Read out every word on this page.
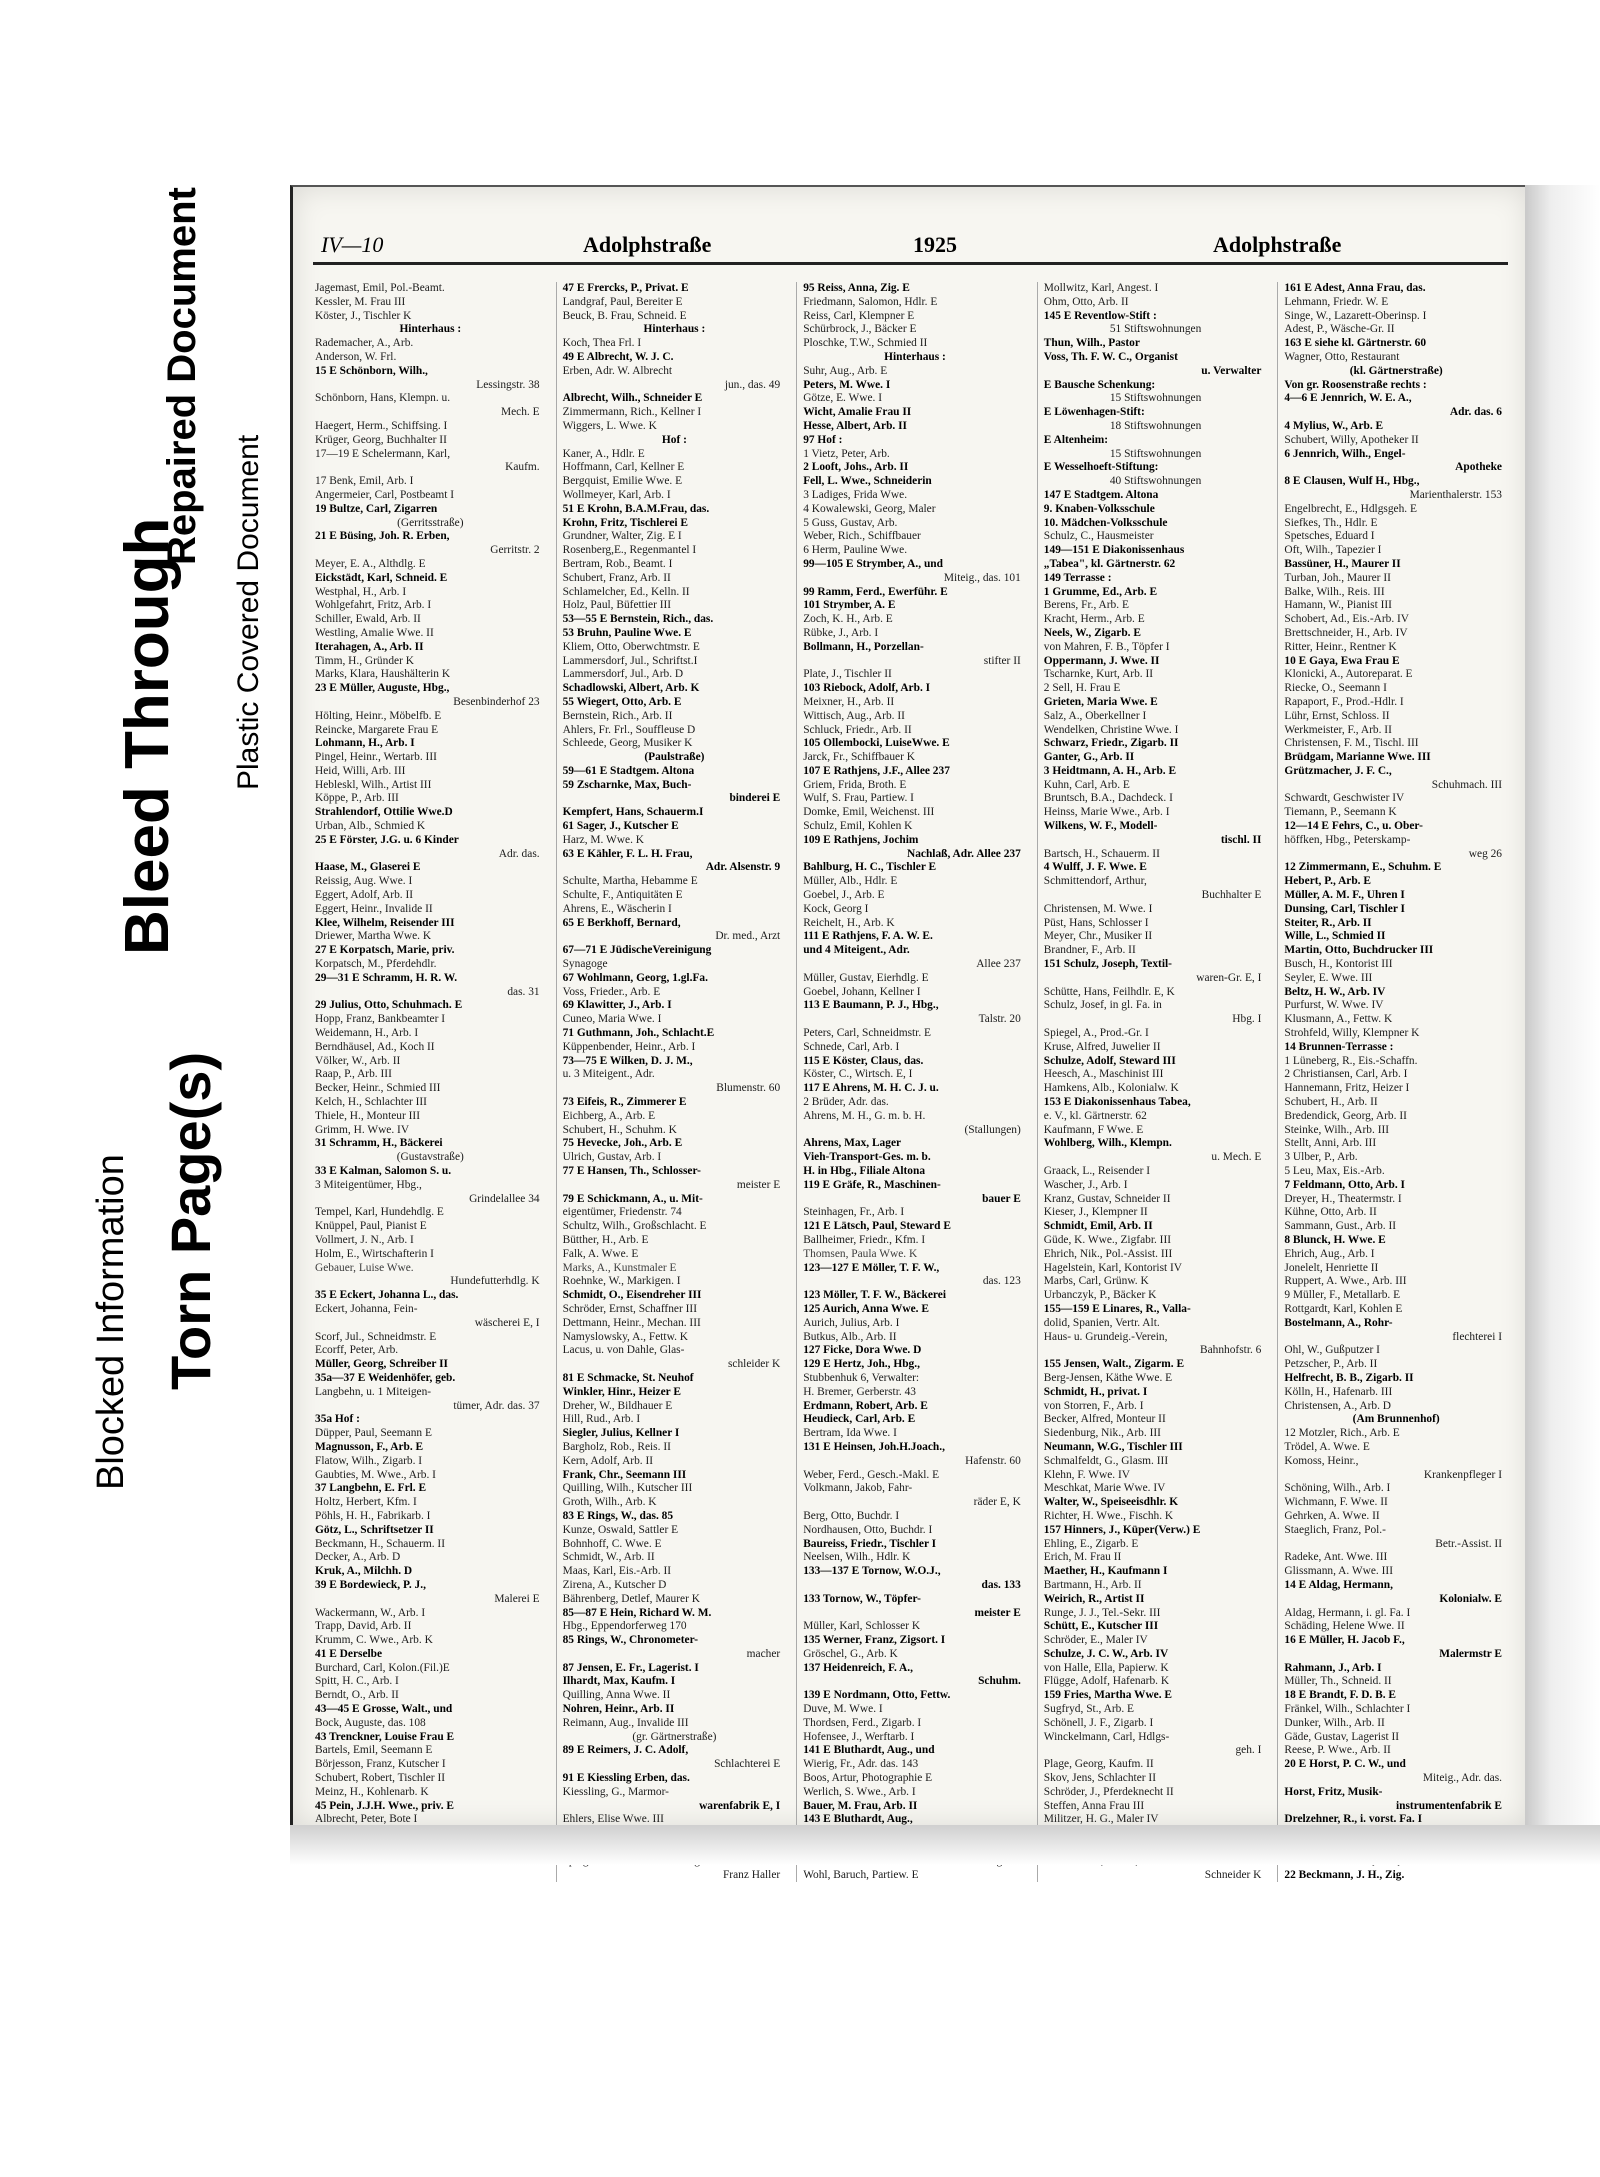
Blocked Information Torn Page(s)
Bleed Through
Repaired Document
Plastic Covered Document
IV—10	Adolphstraße	1925	Adolphstraße
Jagemast, Emil, Pol.-Beamt.
Kessler, M. Frau III
Köster, J., Tischler K
Hinterhaus :
Rademacher, A., Arb.
Anderson, W. Frl.
15 E Schönborn, Wilh.,
Lessingstr. 38
Schönborn, Hans, Klempn. u.
Mech. E
Haegert, Herm., Schiffsing. I
Krüger, Georg, Buchhalter II
17—19 E Schelermann, Karl,
Kaufm.
17 Benk, Emil, Arb. I
Angermeier, Carl, Postbeamt I
19 Bultze, Carl, Zigarren
(Gerritsstraße)
21 E Büsing, Joh. R. Erben,
Gerritstr. 2
Meyer, E. A., Althdlg. E
Eickstädt, Karl, Schneid. E
Westphal, H., Arb. I
Wohlgefahrt, Fritz, Arb. I
Schiller, Ewald, Arb. II
Westling, Amalie Wwe. II
Iterahagen, A., Arb. II
Timm, H., Gründer K
Marks, Klara, Haushälterin K
23 E Müller, Auguste, Hbg.,
Besenbinderhof 23
Hölting, Heinr., Möbelfb. E
Reincke, Margarete Frau E
Lohmann, H., Arb. I
Pingel, Heinr., Wertarb. III
Heid, Willi, Arb. III
Hebleskl, Wilh., Artist III
Köppe, P., Arb. III
Strahlendorf, Ottilie Wwe.D
Urban, Alb., Schmied K
25 E Förster, J.G. u. 6 Kinder
Adr. das.
Haase, M., Glaserei E
Reissig, Aug. Wwe. I
Eggert, Adolf, Arb. II
Eggert, Heinr., Invalide II
Klee, Wilhelm, Reisender III
Driewer, Martha Wwe. K
27 E Korpatsch, Marie, priv.
Korpatsch, M., Pferdehdlr.
29—31 E Schramm, H. R. W.
das. 31
29 Julius, Otto, Schuhmach. E
Hopp, Franz, Bankbeamter I
Weidemann, H., Arb. I
Berndhäusel, Ad., Koch II
Völker, W., Arb. II
Raap, P., Arb. III
Becker, Heinr., Schmied III
Kelch, H., Schlachter III
Thiele, H., Monteur III
Grimm, H. Wwe. IV
31 Schramm, H., Bäckerei
(Gustavstraße)
33 E Kalman, Salomon S. u.
3 Miteigentümer, Hbg.,
Grindelallee 34
Tempel, Karl, Hundehdlg. E
Knüppel, Paul, Pianist E
Vollmert, J. N., Arb. I
Holm, E., Wirtschafterin I
Gebauer, Luise Wwe.
Hundefutterhdlg. K
35 E Eckert, Johanna L., das.
Eckert, Johanna, Fein-
wäscherei E, I
Scorf, Jul., Schneidmstr. E
Ecorff, Peter, Arb.
Müller, Georg, Schreiber II
35a—37 E Weidenhöfer, geb.
Langbehn, u. 1 Miteigen-
tümer, Adr. das. 37
35a Hof :
Düpper, Paul, Seemann E
Magnusson, F., Arb. E
Flatow, Wilh., Zigarb. I
Gaubties, M. Wwe., Arb. I
37 Langbehn, E. Frl. E
Holtz, Herbert, Kfm. I
Pöhls, H. H., Fabrikarb. I
Götz, L., Schriftsetzer II
Beckmann, H., Schauerm. II
Decker, A., Arb. D
Kruk, A., Milchh. D
39 E Bordewieck, P. J.,
Malerei E
Wackermann, W., Arb. I
Trapp, David, Arb. II
Krumm, C. Wwe., Arb. K
41 E Derselbe
Burchard, Carl, Kolon.(Fil.)E
Spitt, H. C., Arb. I
Berndt, O., Arb. II
43—45 E Grosse, Walt., und
Bock, Auguste, das. 108
43 Trenckner, Louise Frau E
Bartels, Emil, Seemann E
Börjesson, Franz, Kutscher I
Schubert, Robert, Tischler II
Meinz, H., Kohlenarb. K
45 Pein, J.J.H. Wwe., priv. E
Albrecht, Peter, Bote I
47 E Frercks, P., Privat. E
Landgraf, Paul, Bereiter E
Beuck, B. Frau, Schneid. E
Hinterhaus :
Koch, Thea Frl. I
49 E Albrecht, W. J. C.
Erben, Adr. W. Albrecht
jun., das. 49
Albrecht, Wilh., Schneider E
Zimmermann, Rich., Kellner I
Wiggers, L. Wwe. K
Hof :
Kaner, A., Hdlr. E
Hoffmann, Carl, Kellner E
Bergquist, Emilie Wwe. E
Wollmeyer, Karl, Arb. I
51 E Krohn, B.A.M.Frau, das.
Krohn, Fritz, Tischlerei E
Grundner, Walter, Zig. E I
Rosenberg,E., Regenmantel I
Bertram, Rob., Beamt. I
Schubert, Franz, Arb. II
Schlamelcher, Ed., Kelln. II
Holz, Paul, Büfettier III
53—55 E Bernstein, Rich., das.
53 Bruhn, Pauline Wwe. E
Kliem, Otto, Oberwchtmstr. E
Lammersdorf, Jul., Schriftst.I
Lammersdorf, Jul., Arb. D
Schadlowski, Albert, Arb. K
55 Wiegert, Otto, Arb. E
Bernstein, Rich., Arb. II
Ahlers, Fr. Frl., Souffleuse D
Schleede, Georg, Musiker K
(Paulstraße)
59—61 E Stadtgem. Altona
59 Zscharnke, Max, Buch-
binderei E
Kempfert, Hans, Schauerm.I
61 Sager, J., Kutscher E
Harz, M. Wwe. K
63 E Kähler, F. L. H. Frau,
Adr. Alsenstr. 9
Schulte, Martha, Hebamme E
Schulte, F., Antiquitäten E
Ahrens, E., Wäscherin I
65 E Berkhoff, Bernard,
Dr. med., Arzt
67—71 E JüdischeVereinigung
Synagoge
67 Wohlmann, Georg, 1.gl.Fa.
Voss, Frieder., Arb. E
69 Klawitter, J., Arb. I
Cuneo, Maria Wwe. I
71 Guthmann, Joh., Schlacht.E
Küppenbender, Heinr., Arb. I
73—75 E Wilken, D. J. M.,
u. 3 Miteigent., Adr.
Blumenstr. 60
73 Eifeis, R., Zimmerer E
Eichberg, A., Arb. E
Schubert, H., Schuhm. K
75 Hevecke, Joh., Arb. E
Ulrich, Gustav, Arb. I
77 E Hansen, Th., Schlosser-
meister E
79 E Schickmann, A., u. Mit-
eigentümer, Friedenstr. 74
Schultz, Wilh., Großschlacht. E
Bütther, H., Arb. E
Falk, A. Wwe. E
Marks, A., Kunstmaler E
Roehnke, W., Markigen. I
Schmidt, O., Eisendreher III
Schröder, Ernst, Schaffner III
Dettmann, Heinr., Mechan. III
Namyslowsky, A., Fettw. K
Lacus, u. von Dahle, Glas-
schleider K
81 E Schmacke, St. Neuhof
Winkler, Hinr., Heizer E
Dreher, W., Bildhauer E
Hill, Rud., Arb. I
Siegler, Julius, Kellner I
Bargholz, Rob., Reis. II
Kern, Adolf, Arb. II
Frank, Chr., Seemann III
Quilling, Wilh., Kutscher III
Groth, Wilh., Arb. K
83 E Rings, W., das. 85
Kunze, Oswald, Sattler E
Bohnhoff, C. Wwe. E
Schmidt, W., Arb. II
Maas, Karl, Eis.-Arb. II
Zirena, A., Kutscher D
Bährenberg, Detlef, Maurer K
85—87 E Hein, Richard W. M.
Hbg., Eppendorferweg 170
85 Rings, W., Chronometer-
macher
87 Jensen, E. Fr., Lagerist. I
Ilhardt, Max, Kaufm. I
Quilling, Anna Wwe. II
Nohren, Heinr., Arb. II
Reimann, Aug., Invalide III
(gr. Gärtnerstraße)
89 E Reimers, J. C. Adolf,
Schlachterei E
91 E Kiessling Erben, das.
Kiessling, G., Marmor-
warenfabrik E, I
Ehlers, Elise Wwe. III
Franz Haller
95 Reiss, Anna, Zig. E
Friedmann, Salomon, Hdlr. E
Reiss, Carl, Klempner E
Schürbrock, J., Bäcker E
Ploschke, T.W., Schmied II
Hinterhaus :
Suhr, Aug., Arb. E
Peters, M. Wwe. I
Götze, E. Wwe. I
Wicht, Amalie Frau II
Hesse, Albert, Arb. II
97 Hof :
1 Vietz, Peter, Arb.
2 Looft, Johs., Arb. II
Fell, L. Wwe., Schneiderin
3 Ladiges, Frida Wwe.
4 Kowalewski, Georg, Maler
5 Guss, Gustav, Arb.
Weber, Rich., Schiffbauer
6 Herm, Pauline Wwe.
99—105 E Strymber, A., und
Miteig., das. 101
99 Ramm, Ferd., Ewerführ. E
101 Strymber, A. E
Zoch, K. H., Arb. E
Rübke, J., Arb. I
Bollmann, H., Porzellan-
stifter II
Plate, J., Tischler II
103 Riebock, Adolf, Arb. I
Meixner, H., Arb. II
Wittisch, Aug., Arb. II
Schluck, Friedr., Arb. II
105 Ollembocki, LuiseWwe. E
Jarck, Fr., Schiffbauer K
107 E Rathjens, J.F., Allee 237
Griem, Frida, Broth. E
Wulf, S. Frau, Partiew. I
Domke, Emil, Weichenst. III
Schulz, Emil, Kohlen K
109 E Rathjens, Jochim
Nachlaß, Adr. Allee 237
Bahlburg, H. C., Tischler E
Müller, Alb., Hdlr. E
Goebel, J., Arb. E
Kock, Georg I
Reichelt, H., Arb. K
111 E Rathjens, F. A. W. E.
und 4 Miteigent., Adr.
Allee 237
Müller, Gustav, Eierhdlg. E
Goebel, Johann, Kellner I
113 E Baumann, P. J., Hbg.,
Talstr. 20
Peters, Carl, Schneidmstr. E
Schnede, Carl, Arb. I
115 E Köster, Claus, das.
Köster, C., Wirtsch. E, I
117 E Ahrens, M. H. C. J. u.
2 Brüder, Adr. das.
Ahrens, M. H., G. m. b. H.
(Stallungen)
Ahrens, Max, Lager
Vieh-Transport-Ges. m. b.
H. in Hbg., Filiale Altona
119 E Gräfe, R., Maschinen-
bauer E
Steinhagen, Fr., Arb. I
121 E Lätsch, Paul, Steward E
Ballheimer, Friedr., Kfm. I
Thomsen, Paula Wwe. K
123—127 E Möller, T. F. W.,
das. 123
123 Möller, T. F. W., Bäckerei
125 Aurich, Anna Wwe. E
Aurich, Julius, Arb. I
Butkus, Alb., Arb. II
127 Ficke, Dora Wwe. D
129 E Hertz, Joh., Hbg.,
Stubbenhuk 6, Verwalter:
H. Bremer, Gerberstr. 43
Erdmann, Robert, Arb. E
Heudieck, Carl, Arb. E
Bertram, Ida Wwe. I
131 E Heinsen, Joh.H.Joach.,
Hafenstr. 60
Weber, Ferd., Gesch.-Makl. E
Volkmann, Jakob, Fahr-
räder E, K
Berg, Otto, Buchdr. I
Nordhausen, Otto, Buchdr. I
Baureiss, Friedr., Tischler I
Neelsen, Wilh., Hdlr. K
133—137 E Tornow, W.O.J.,
das. 133
133 Tornow, W., Töpfer-
meister E
Müller, Karl, Schlosser K
135 Werner, Franz, Zigsort. I
Gröschel, G., Arb. K
137 Heidenreich, F. A.,
Schuhm.
139 E Nordmann, Otto, Fettw.
Duve, M. Wwe. I
Thordsen, Ferd., Zigarb. I
Hofensee, J., Werftarb. I
141 E Bluthardt, Aug., und
Wierig, Fr., Adr. das. 143
Boos, Artur, Photographie E
Werlich, S. Wwe., Arb. I
Bauer, M. Frau, Arb. II
143 E Bluthardt, Aug.,
Wohl, Baruch, Partiew. E
Mollwitz, Karl, Angest. I
Ohm, Otto, Arb. II
145 E Reventlow-Stift :
51 Stiftswohnungen
Thun, Wilh., Pastor
Voss, Th. F. W. C., Organist
u. Verwalter
E Bausche Schenkung:
15 Stiftswohnungen
E Löwenhagen-Stift:
18 Stiftswohnungen
E Altenheim:
15 Stiftswohnungen
E Wesselhoeft-Stiftung:
40 Stiftswohnungen
147 E Stadtgem. Altona
9. Knaben-Volksschule
10. Mädchen-Volksschule
Schulz, C., Hausmeister
149—151 E Diakonissenhaus
„Tabea", kl. Gärtnerstr. 62
149 Terrasse :
1 Grumme, Ed., Arb. E
Berens, Fr., Arb. E
Kracht, Herm., Arb. E
Neels, W., Zigarb. E
von Mahren, F. B., Töpfer I
Oppermann, J. Wwe. II
Tscharnke, Kurt, Arb. II
2 Sell, H. Frau E
Grieten, Maria Wwe. E
Salz, A., Oberkellner I
Wendelken, Christine Wwe. I
Schwarz, Friedr., Zigarb. II
Ganter, G., Arb. II
3 Heidtmann, A. H., Arb. E
Kuhn, Carl, Arb. E
Bruntsch, B.A., Dachdeck. I
Heinss, Marie Wwe., Arb. I
Wilkens, W. F., Modell-
tischl. II
Bartsch, H., Schauerm. II
4 Wulff, J. F. Wwe. E
Schmittendorf, Arthur,
Buchhalter E
Christensen, M. Wwe. I
Püst, Hans, Schlosser I
Meyer, Chr., Musiker II
Brandner, F., Arb. II
151 Schulz, Joseph, Textil-
waren-Gr. E, I
Schütte, Hans, Feilhdlr. E, K
Schulz, Josef, in gl. Fa. in
Hbg. I
Spiegel, A., Prod.-Gr. I
Kruse, Alfred, Juwelier II
Schulze, Adolf, Steward III
Heesch, A., Maschinist III
Hamkens, Alb., Kolonialw. K
153 E Diakonissenhaus Tabea,
e. V., kl. Gärtnerstr. 62
Kaufmann, F Wwe. E
Wohlberg, Wilh., Klempn.
u. Mech. E
Graack, L., Reisender I
Wascher, J., Arb. I
Kranz, Gustav, Schneider II
Kieser, J., Klempner II
Schmidt, Emil, Arb. II
Güde, K. Wwe., Zigfabr. III
Ehrich, Nik., Pol.-Assist. III
Hagelstein, Karl, Kontorist IV
Marbs, Carl, Grünw. K
Urbanczyk, P., Bäcker K
155—159 E Linares, R., Valla-
dolid, Spanien, Vertr. Alt.
Haus- u. Grundeig.-Verein,
Bahnhofstr. 6
155 Jensen, Walt., Zigarm. E
Berg-Jensen, Käthe Wwe. E
Schmidt, H., privat. I
von Storren, F., Arb. I
Becker, Alfred, Monteur II
Siedenburg, Nik., Arb. III
Neumann, W.G., Tischler III
Schmalfeldt, G., Glasm. III
Klehn, F. Wwe. IV
Meschkat, Marie Wwe. IV
Walter, W., Speiseeisdhlr. K
Richter, H. Wwe., Fischh. K
157 Hinners, J., Küper(Verw.) E
Ehling, E., Zigarb. E
Erich, M. Frau II
Maether, H., Kaufmann I
Bartmann, H., Arb. II
Weirich, R., Artist II
Runge, J. J., Tel.-Sekr. III
Schütt, E., Kutscher III
Schröder, E., Maler IV
Schulze, J. C. W., Arb. IV
von Halle, Ella, Papierw. K
Flügge, Adolf, Hafenarb. K
159 Fries, Martha Wwe. E
Sugfryd, St., Arb. E
Schönell, J. F., Zigarb. I
Winckelmann, Carl, Hdlgs-
geh. I
Plage, Georg, Kaufm. II
Skov, Jens, Schlachter II
Schröder, J., Pferdeknecht II
Steffen, Anna Frau III
Militzer, H. G., Maler IV
Schneider K
161 E Adest, Anna Frau, das.
Lehmann, Friedr. W. E
Singe, W., Lazarett-Oberinsp. I
Adest, P., Wäsche-Gr. II
163 E siehe kl. Gärtnerstr. 60
Wagner, Otto, Restaurant
(kl. Gärtnerstraße)
Von gr. Roosenstraße rechts :
4—6 E Jennrich, W. E. A.,
Adr. das. 6
4 Mylius, W., Arb. E
Schubert, Willy, Apotheker II
6 Jennrich, Wilh., Engel-
Apotheke
8 E Clausen, Wulf H., Hbg.,
Marienthalerstr. 153
Engelbrecht, E., Hdlgsgeh. E
Siefkes, Th., Hdlr. E
Spetsches, Eduard I
Oft, Wilh., Tapezier I
Bassüner, H., Maurer II
Turban, Joh., Maurer II
Balke, Wilh., Reis. III
Hamann, W., Pianist III
Schobert, Ad., Eis.-Arb. IV
Brettschneider, H., Arb. IV
Ritter, Heinr., Rentner K
10 E Gaya, Ewa Frau E
Klonicki, A., Autoreparat. E
Riecke, O., Seemann I
Rapaport, F., Prod.-Hdlr. I
Lühr, Ernst, Schloss. II
Werkmeister, F., Arb. II
Christensen, F. M., Tischl. III
Brüdgam, Marianne Wwe. III
Grützmacher, J. F. C.,
Schuhmach. III
Schwardt, Geschwister IV
Tiemann, P., Seemann K
12—14 E Fehrs, C., u. Ober-
höffken, Hbg., Peterskamp-
weg 26
12 Zimmermann, E., Schuhm. E
Hebert, P., Arb. E
Müller, A. M. F., Uhren I
Dunsing, Carl, Tischler I
Steiter, R., Arb. II
Wille, L., Schmied II
Martin, Otto, Buchdrucker III
Busch, H., Kontorist III
Seyler, E. Wwe. III
Beltz, H. W., Arb. IV
Purfurst, W. Wwe. IV
Klusmann, A., Fettw. K
Strohfeld, Willy, Klempner K
14 Brunnen-Terrasse :
1 Lüneberg, R., Eis.-Schaffn.
2 Christiansen, Carl, Arb. I
Hannemann, Fritz, Heizer I
Schubert, H., Arb. II
Bredendick, Georg, Arb. II
Steinke, Wilh., Arb. III
Stellt, Anni, Arb. III
3 Ulber, P., Arb.
5 Leu, Max, Eis.-Arb.
7 Feldmann, Otto, Arb. I
Dreyer, H., Theatermstr. I
Kühne, Otto, Arb. II
Sammann, Gust., Arb. II
8 Blunck, H. Wwe. E
Ehrich, Aug., Arb. I
Jonelelt, Henriette II
Ruppert, A. Wwe., Arb. III
9 Müller, F., Metallarb. E
Rottgardt, Karl, Kohlen E
Bostelmann, A., Rohr-
flechterei I
Ohl, W., Gußputzer I
Petzscher, P., Arb. II
Helfrecht, B. B., Zigarb. II
Kölln, H., Hafenarb. III
Christensen, A., Arb. D
(Am Brunnenhof)
12 Motzler, Rich., Arb. E
Trödel, A. Wwe. E
Komoss, Heinr.,
Krankenpfleger I
Schöning, Wilh., Arb. I
Wichmann, F. Wwe. II
Gehrken, A. Wwe. II
Staeglich, Franz, Pol.-
Betr.-Assist. II
Radeke, Ant. Wwe. III
Glissmann, A. Wwe. III
14 E Aldag, Hermann,
Kolonialw. E
Aldag, Hermann, i. gl. Fa. I
Schäding, Helene Wwe. II
16 E Müller, H. Jacob F.,
Malermstr E
Rahmann, J., Arb. I
Müller, Th., Schneid. II
18 E Brandt, F. D. B. E
Fränkel, Wilh., Schlachter I
Dunker, Wilh., Arb. II
Gäde, Gustav, Lagerist II
Reese, P. Wwe., Arb. II
20 E Horst, P. C. W., und
Miteig., Adr. das.
Horst, Fritz, Musik-
instrumentenfabrik E
Drelzehner, R., i. vorst. Fa. I
22 Beckmann, J. H., Zig.
